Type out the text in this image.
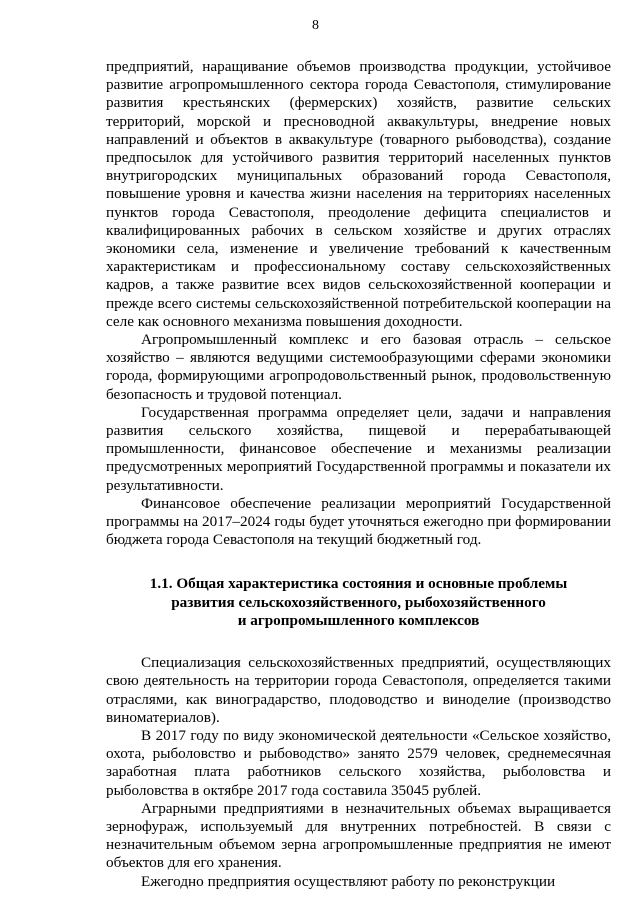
8

предприятий, наращивание объемов производства продукции, устойчивое развитие агропромышленного сектора города Севастополя, стимулирование развития крестьянских (фермерских) хозяйств, развитие сельских территорий, морской и пресноводной аквакультуры, внедрение новых направлений и объектов в аквакультуре (товарного рыбоводства), создание предпосылок для устойчивого развития территорий населенных пунктов внутригородских муниципальных образований города Севастополя, повышение уровня и качества жизни населения на территориях населенных пунктов города Севастополя, преодоление дефицита специалистов и квалифицированных рабочих в сельском хозяйстве и других отраслях экономики села, изменение и увеличение требований к качественным характеристикам и профессиональному составу сельскохозяйственных кадров, а также развитие всех видов сельскохозяйственной кооперации и прежде всего системы сельскохозяйственной потребительской кооперации на селе как основного механизма повышения доходности.

Агропромышленный комплекс и его базовая отрасль – сельское хозяйство – являются ведущими системообразующими сферами экономики города, формирующими агропродовольственный рынок, продовольственную безопасность и трудовой потенциал.

Государственная программа определяет цели, задачи и направления развития сельского хозяйства, пищевой и перерабатывающей промышленности, финансовое обеспечение и механизмы реализации предусмотренных мероприятий Государственной программы и показатели их результативности.

Финансовое обеспечение реализации мероприятий Государственной программы на 2017–2024 годы будет уточняться ежегодно при формировании бюджета города Севастополя на текущий бюджетный год.

1.1. Общая характеристика состояния и основные проблемы
развития сельскохозяйственного, рыбохозяйственного
и агропромышленного комплексов

Специализация сельскохозяйственных предприятий, осуществляющих свою деятельность на территории города Севастополя, определяется такими отраслями, как виноградарство, плодоводство и виноделие (производство виноматериалов).

В 2017 году по виду экономической деятельности «Сельское хозяйство, охота, рыболовство и рыбоводство» занято 2579 человек, среднемесячная заработная плата работников сельского хозяйства, рыболовства и рыболовства в октябре 2017 года составила 35045 рублей.

Аграрными предприятиями в незначительных объемах выращивается зернофураж, используемый для внутренних потребностей. В связи с незначительным объемом зерна агропромышленные предприятия не имеют объектов для его хранения.

Ежегодно предприятия осуществляют работу по реконструкции
